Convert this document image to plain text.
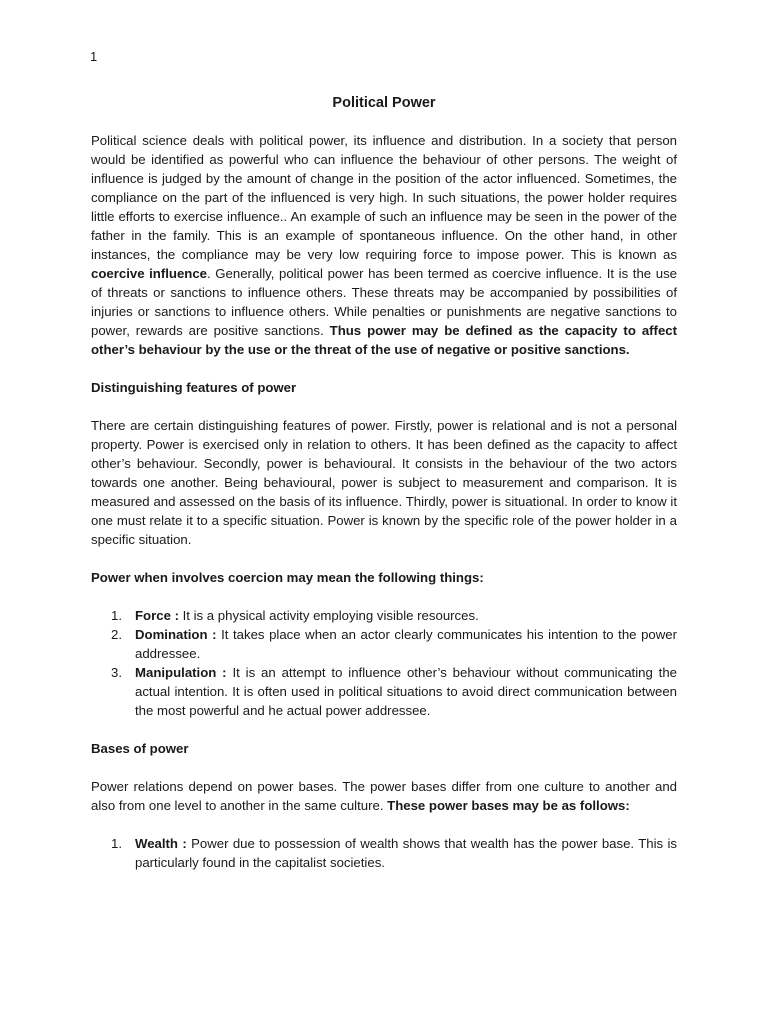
1
Political Power

Political science deals with political power, its influence and distribution. In a society that person would be identified as powerful who can influence the behaviour of other persons. The weight of influence is judged by the amount of change in the position of the actor influenced. Sometimes, the compliance on the part of the influenced is very high. In such situations, the power holder requires little efforts to exercise influence.. An example of such an influence may be seen in the power of the father in the family. This is an example of spontaneous influence. On the other hand, in other instances, the compliance may be very low requiring force to impose power. This is known as coercive influence. Generally, political power has been termed as coercive influence. It is the use of threats or sanctions to influence others. These threats may be accompanied by possibilities of injuries or sanctions to influence others. While penalties or punishments are negative sanctions to power, rewards are positive sanctions. Thus power may be defined as the capacity to affect other’s behaviour by the use or the threat of the use of negative or positive sanctions.

Distinguishing features of power

There are certain distinguishing features of power. Firstly, power is relational and is not a personal property. Power is exercised only in relation to others. It has been defined as the capacity to affect other’s behaviour. Secondly, power is behavioural. It consists in the behaviour of the two actors towards one another. Being behavioural, power is subject to measurement and comparison. It is measured and assessed on the basis of its influence. Thirdly, power is situational. In order to know it one must relate it to a specific situation. Power is known by the specific role of the power holder in a specific situation.

Power when involves coercion may mean the following things:

1. Force : It is a physical activity employing visible resources.
2. Domination : It takes place when an actor clearly communicates his intention to the power addressee.
3. Manipulation : It is an attempt to influence other’s behaviour without communicating the actual intention. It is often used in political situations to avoid direct communication between the most powerful and he actual power addressee.

Bases of power

Power relations depend on power bases. The power bases differ from one culture to another and also from one level to another in the same culture. These power bases may be as follows:

1. Wealth : Power due to possession of wealth shows that wealth has the power base. This is particularly found in the capitalist societies.
